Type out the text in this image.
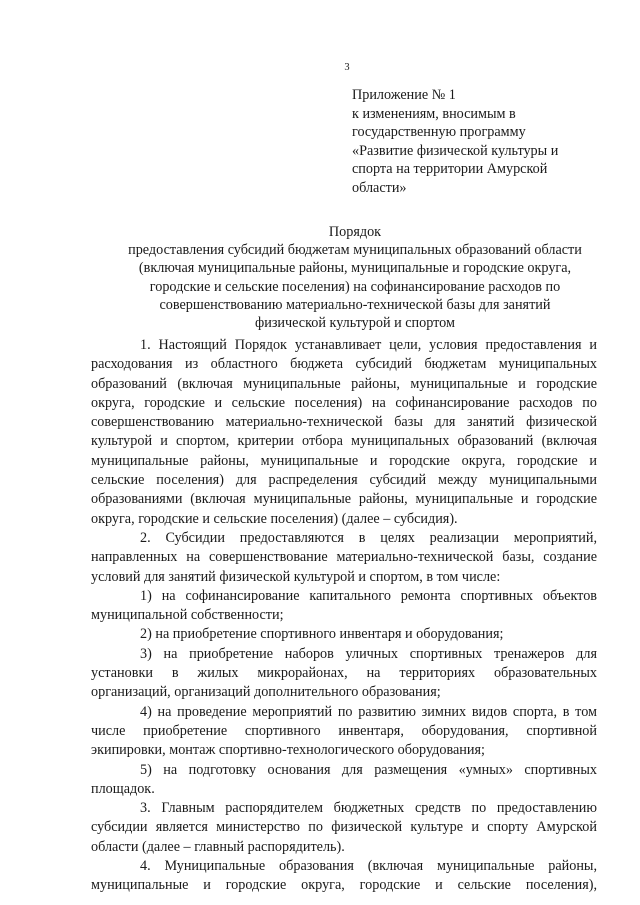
3
Приложение № 1
к изменениям, вносимым в
государственную программу
«Развитие физической культуры и
спорта на территории Амурской
области»
Порядок
предоставления субсидий бюджетам муниципальных образований области
(включая муниципальные районы, муниципальные и городские округа,
городские и сельские поселения) на софинансирование расходов по
совершенствованию материально-технической базы для занятий
физической культурой и спортом
1. Настоящий Порядок устанавливает цели, условия предоставления и
расходования из областного бюджета субсидий бюджетам муниципальных
образований (включая муниципальные районы, муниципальные и городские
округа, городские и сельские поселения) на софинансирование расходов по
совершенствованию материально-технической базы для занятий физической
культурой и спортом, критерии отбора муниципальных образований (включая
муниципальные районы, муниципальные и городские округа, городские и
сельские поселения) для распределения субсидий между муниципальными
образованиями (включая муниципальные районы, муниципальные и городские
округа, городские и сельские поселения) (далее – субсидия).
2. Субсидии предоставляются в целях реализации мероприятий,
направленных на совершенствование материально-технической базы, создание
условий для занятий физической культурой и спортом, в том числе:
1) на софинансирование капитального ремонта спортивных объектов
муниципальной собственности;
2) на приобретение спортивного инвентаря и оборудования;
3) на приобретение наборов уличных спортивных тренажеров для
установки в жилых микрорайонах, на территориях образовательных
организаций, организаций дополнительного образования;
4) на проведение мероприятий по развитию зимних видов спорта, в том
числе приобретение спортивного инвентаря, оборудования, спортивной
экипировки, монтаж спортивно-технологического оборудования;
5) на подготовку основания для размещения «умных» спортивных
площадок.
3. Главным распорядителем бюджетных средств по предоставлению
субсидии является министерство по физической культуре и спорту Амурской
области (далее – главный распорядитель).
4. Муниципальные образования (включая муниципальные районы,
муниципальные и городские округа, городские и сельские поселения),
